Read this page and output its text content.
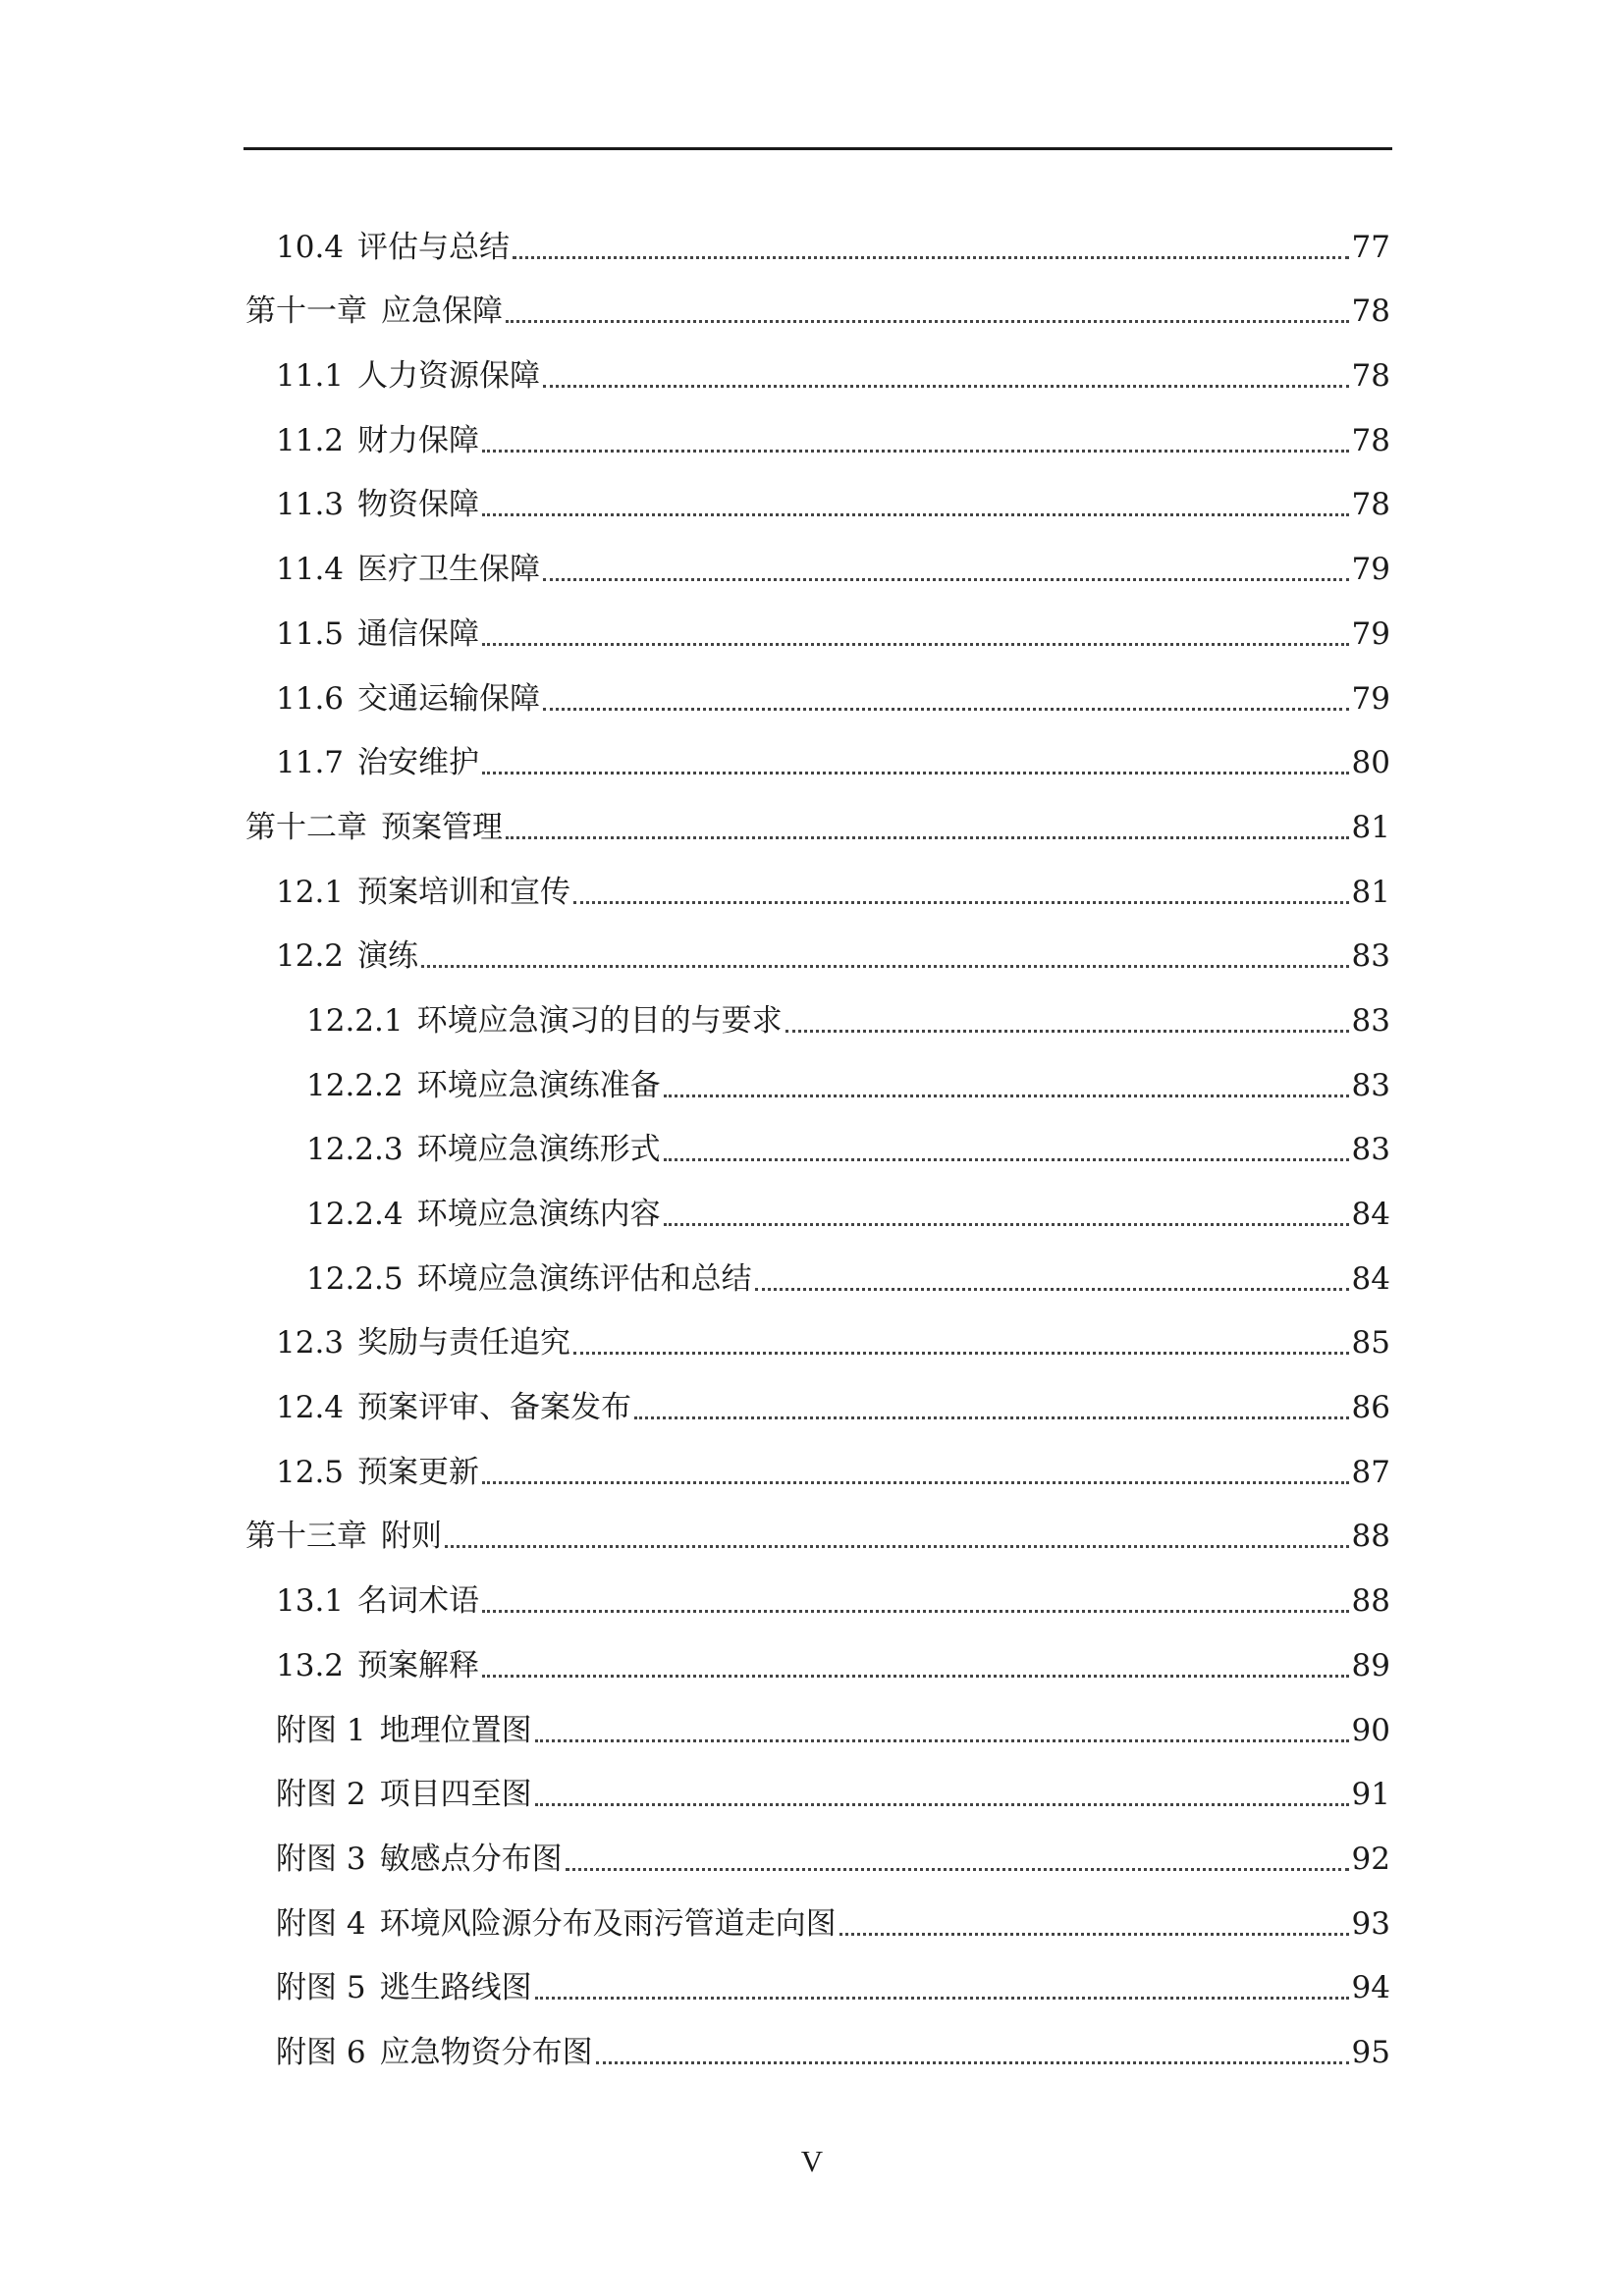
10.4 评估与总结	77
第十一章 应急保障	78
11.1 人力资源保障	78
11.2 财力保障	78
11.3 物资保障	78
11.4 医疗卫生保障	79
11.5 通信保障	79
11.6 交通运输保障	79
11.7 治安维护	80
第十二章 预案管理	81
12.1 预案培训和宣传	81
12.2 演练	83
12.2.1 环境应急演习的目的与要求	83
12.2.2 环境应急演练准备	83
12.2.3 环境应急演练形式	83
12.2.4 环境应急演练内容	84
12.2.5 环境应急演练评估和总结	84
12.3 奖励与责任追究	85
12.4 预案评审、备案发布	86
12.5 预案更新	87
第十三章 附则	88
13.1 名词术语	88
13.2 预案解释	89
附图 1 地理位置图	90
附图 2 项目四至图	91
附图 3 敏感点分布图	92
附图 4 环境风险源分布及雨污管道走向图	93
附图 5 逃生路线图	94
附图 6 应急物资分布图	95
V
